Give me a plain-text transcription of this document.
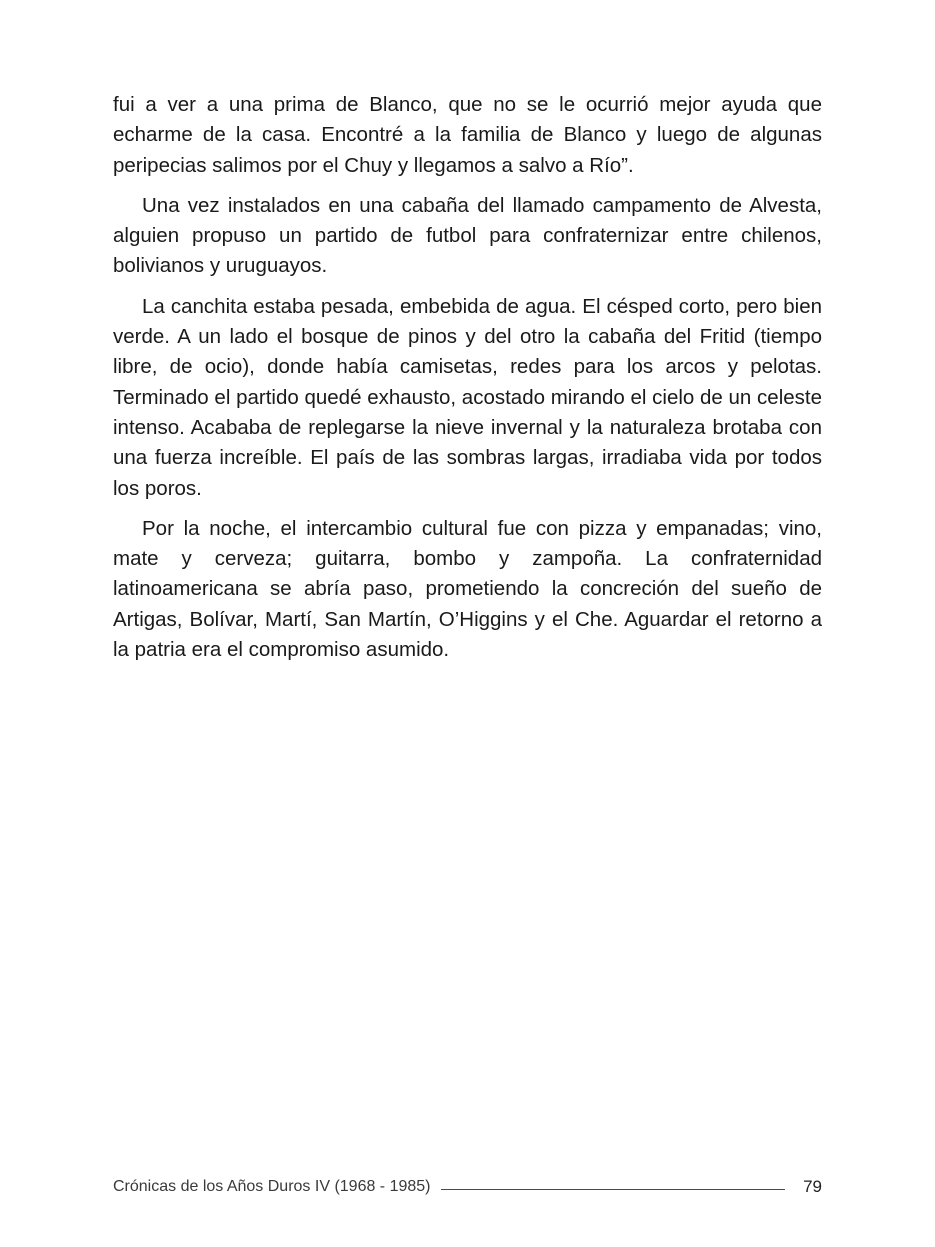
fui a ver a una prima de Blanco, que no se le ocurrió mejor ayuda que echarme de la casa. Encontré a la familia de Blanco y luego de algunas peripecias salimos por el Chuy y llegamos a salvo a Río”.

Una vez instalados en una cabaña del llamado campamento de Alvesta, alguien propuso un partido de futbol para confraternizar entre chilenos, bolivianos y uruguayos.

La canchita estaba pesada, embebida de agua. El césped corto, pero bien verde. A un lado el bosque de pinos y del otro la cabaña del Fritid (tiempo libre, de ocio), donde había camisetas, redes para los arcos y pelotas. Terminado el partido quedé exhausto, acostado mirando el cielo de un celeste intenso. Acababa de replegarse la nieve invernal y la naturaleza brotaba con una fuerza increíble. El país de las sombras largas, irradiaba vida por todos los poros.

Por la noche, el intercambio cultural fue con pizza y empanadas; vino, mate y cerveza; guitarra, bombo y zampoña. La confraternidad latinoamericana se abría paso, prometiendo la concreción del sueño de Artigas, Bolívar, Martí, San Martín, O’Higgins y el Che. Aguardar el retorno a la patria era el compromiso asumido.

Crónicas de los Años Duros IV (1968 - 1985)	79
